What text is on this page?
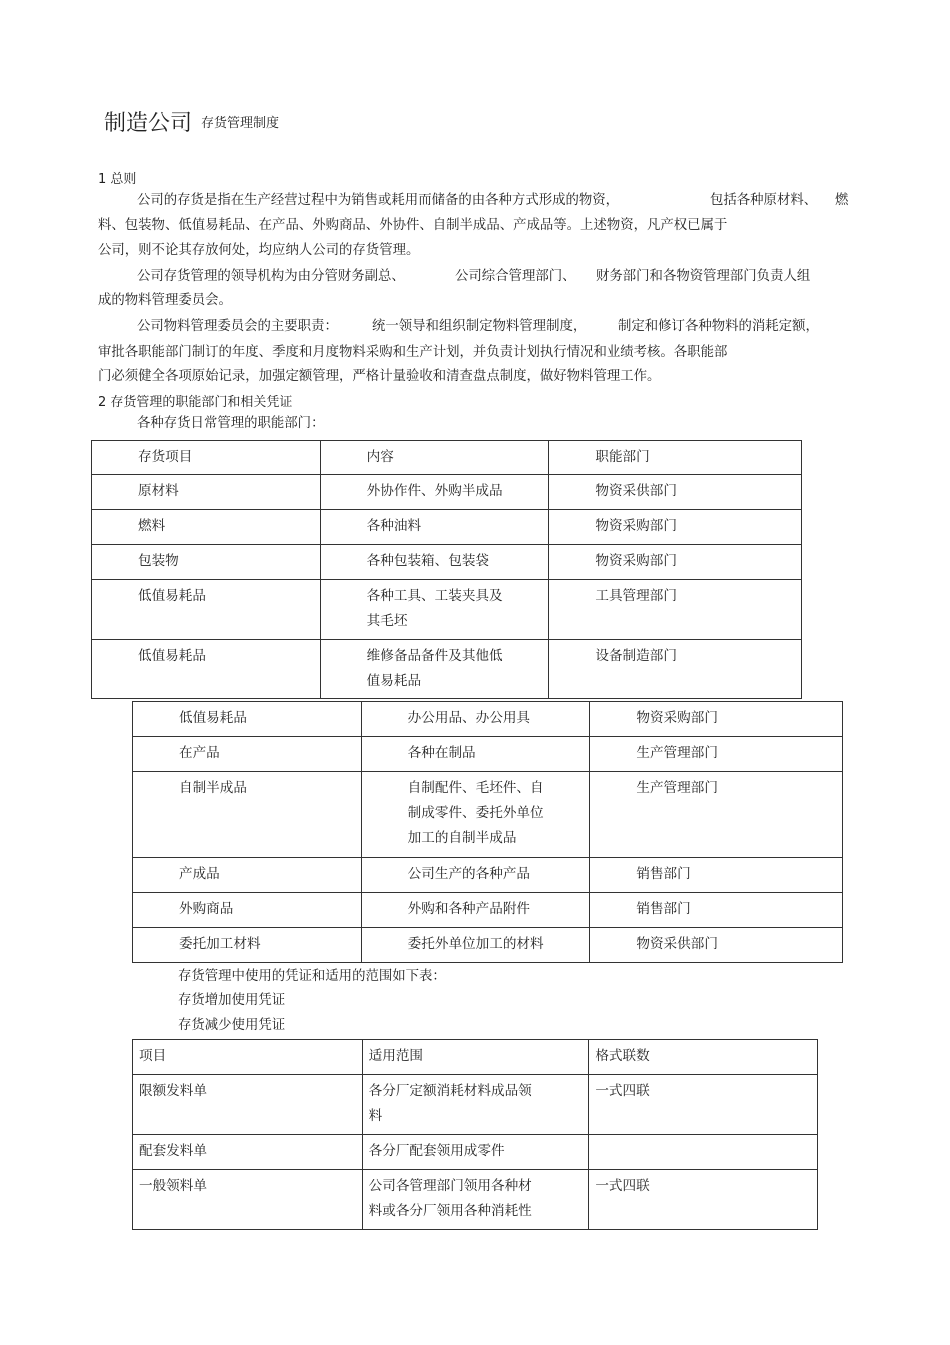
制造公司 存货管理制度
1 总则
公司的存货是指在生产经营过程中为销售或耗用而储备的由各种方式形成的物资，	包括各种原材料、 燃
料、包装物、低值易耗品、在产品、外购商品、外协件、自制半成品、产成品等。上述物资，凡产权已属于
公司，则不论其存放何处，均应纳人公司的存货管理。
公司存货管理的领导机构为由分管财务副总、	公司综合管理部门、 财务部门和各物资管理部门负责人组
成的物料管理委员会。
公司物料管理委员会的主要职责：	统一领导和组织制定物料管理制度， 制定和修订各种物料的消耗定额，
审批各职能部门制订的年度、季度和月度物料采购和生产计划，并负责计划执行情况和业绩考核。各职能部
门必须健全各项原始记录，加强定额管理，严格计量验收和清查盘点制度，做好物料管理工作。
2 存货管理的职能部门和相关凭证
各种存货日常管理的职能部门：
存货项目	内容	职能部门

原材料	外协作件、外购半成品	物资采供部门

燃料	各种油料	物资采购部门

包装物	各种包装箱、包装袋	物资采购部门

低值易耗品	各种工具、工装夹具及
其毛坯	工具管理部门

低值易耗品	维修备品备件及其他低
值易耗品	设备制造部门
低值易耗品	办公用品、办公用具	物资采购部门

在产品	各种在制品	生产管理部门

自制半成品	自制配件、毛坯件、自
制成零件、委托外单位
加工的自制半成品	生产管理部门

产成品	公司生产的各种产品	销售部门

外购商品	外购和各种产品附件	销售部门

委托加工材料	委托外单位加工的材料	物资采供部门
存货管理中使用的凭证和适用的范围如下表：
存货增加使用凭证
存货减少使用凭证
项目	适用范围	格式联数

限额发料单	各分厂定额消耗材料成品领
料	一式四联

配套发料单	各分厂配套领用成零件	

一般领料单	公司各管理部门领用各种材
料或各分厂领用各种消耗性	一式四联
